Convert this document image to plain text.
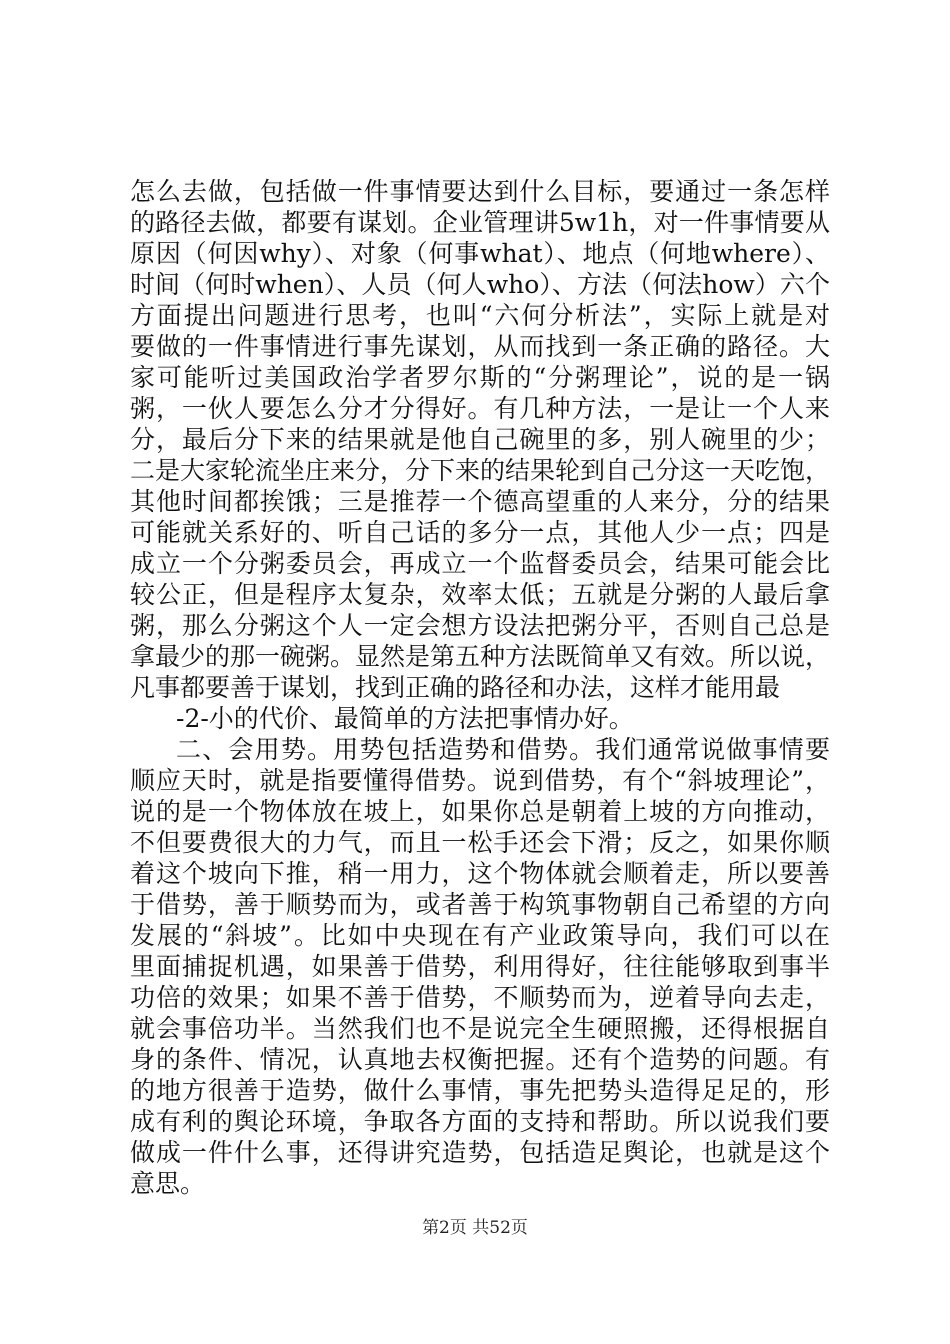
怎么去做，包括做一件事情要达到什么目标，要通过一条怎样
的路径去做，都要有谋划。企业管理讲5w1h，对一件事情要从
原因（何因why）、对象（何事what）、地点（何地where）、
时间（何时when）、人员（何人who）、方法（何法how）六个
方面提出问题进行思考，也叫“六何分析法”，实际上就是对
要做的一件事情进行事先谋划，从而找到一条正确的路径。大
家可能听过美国政治学者罗尔斯的“分粥理论”，说的是一锅
粥，一伙人要怎么分才分得好。有几种方法，一是让一个人来
分，最后分下来的结果就是他自己碗里的多，别人碗里的少；
二是大家轮流坐庄来分，分下来的结果轮到自己分这一天吃饱，
其他时间都挨饿；三是推荐一个德高望重的人来分，分的结果
可能就关系好的、听自己话的多分一点，其他人少一点；四是
成立一个分粥委员会，再成立一个监督委员会，结果可能会比
较公正，但是程序太复杂，效率太低；五就是分粥的人最后拿
粥，那么分粥这个人一定会想方设法把粥分平，否则自己总是
拿最少的那一碗粥。显然是第五种方法既简单又有效。所以说，
凡事都要善于谋划，找到正确的路径和办法，这样才能用最
-2-小的代价、最简单的方法把事情办好。
二、会用势。用势包括造势和借势。我们通常说做事情要
顺应天时，就是指要懂得借势。说到借势，有个“斜坡理论”，
说的是一个物体放在坡上，如果你总是朝着上坡的方向推动，
不但要费很大的力气，而且一松手还会下滑；反之，如果你顺
着这个坡向下推，稍一用力，这个物体就会顺着走，所以要善
于借势，善于顺势而为，或者善于构筑事物朝自己希望的方向
发展的“斜坡”。比如中央现在有产业政策导向，我们可以在
里面捕捉机遇，如果善于借势，利用得好，往往能够取到事半
功倍的效果；如果不善于借势，不顺势而为，逆着导向去走，
就会事倍功半。当然我们也不是说完全生硬照搬，还得根据自
身的条件、情况，认真地去权衡把握。还有个造势的问题。有
的地方很善于造势，做什么事情，事先把势头造得足足的，形
成有利的舆论环境，争取各方面的支持和帮助。所以说我们要
做成一件什么事，还得讲究造势，包括造足舆论，也就是这个
意思。
第2页 共52页
